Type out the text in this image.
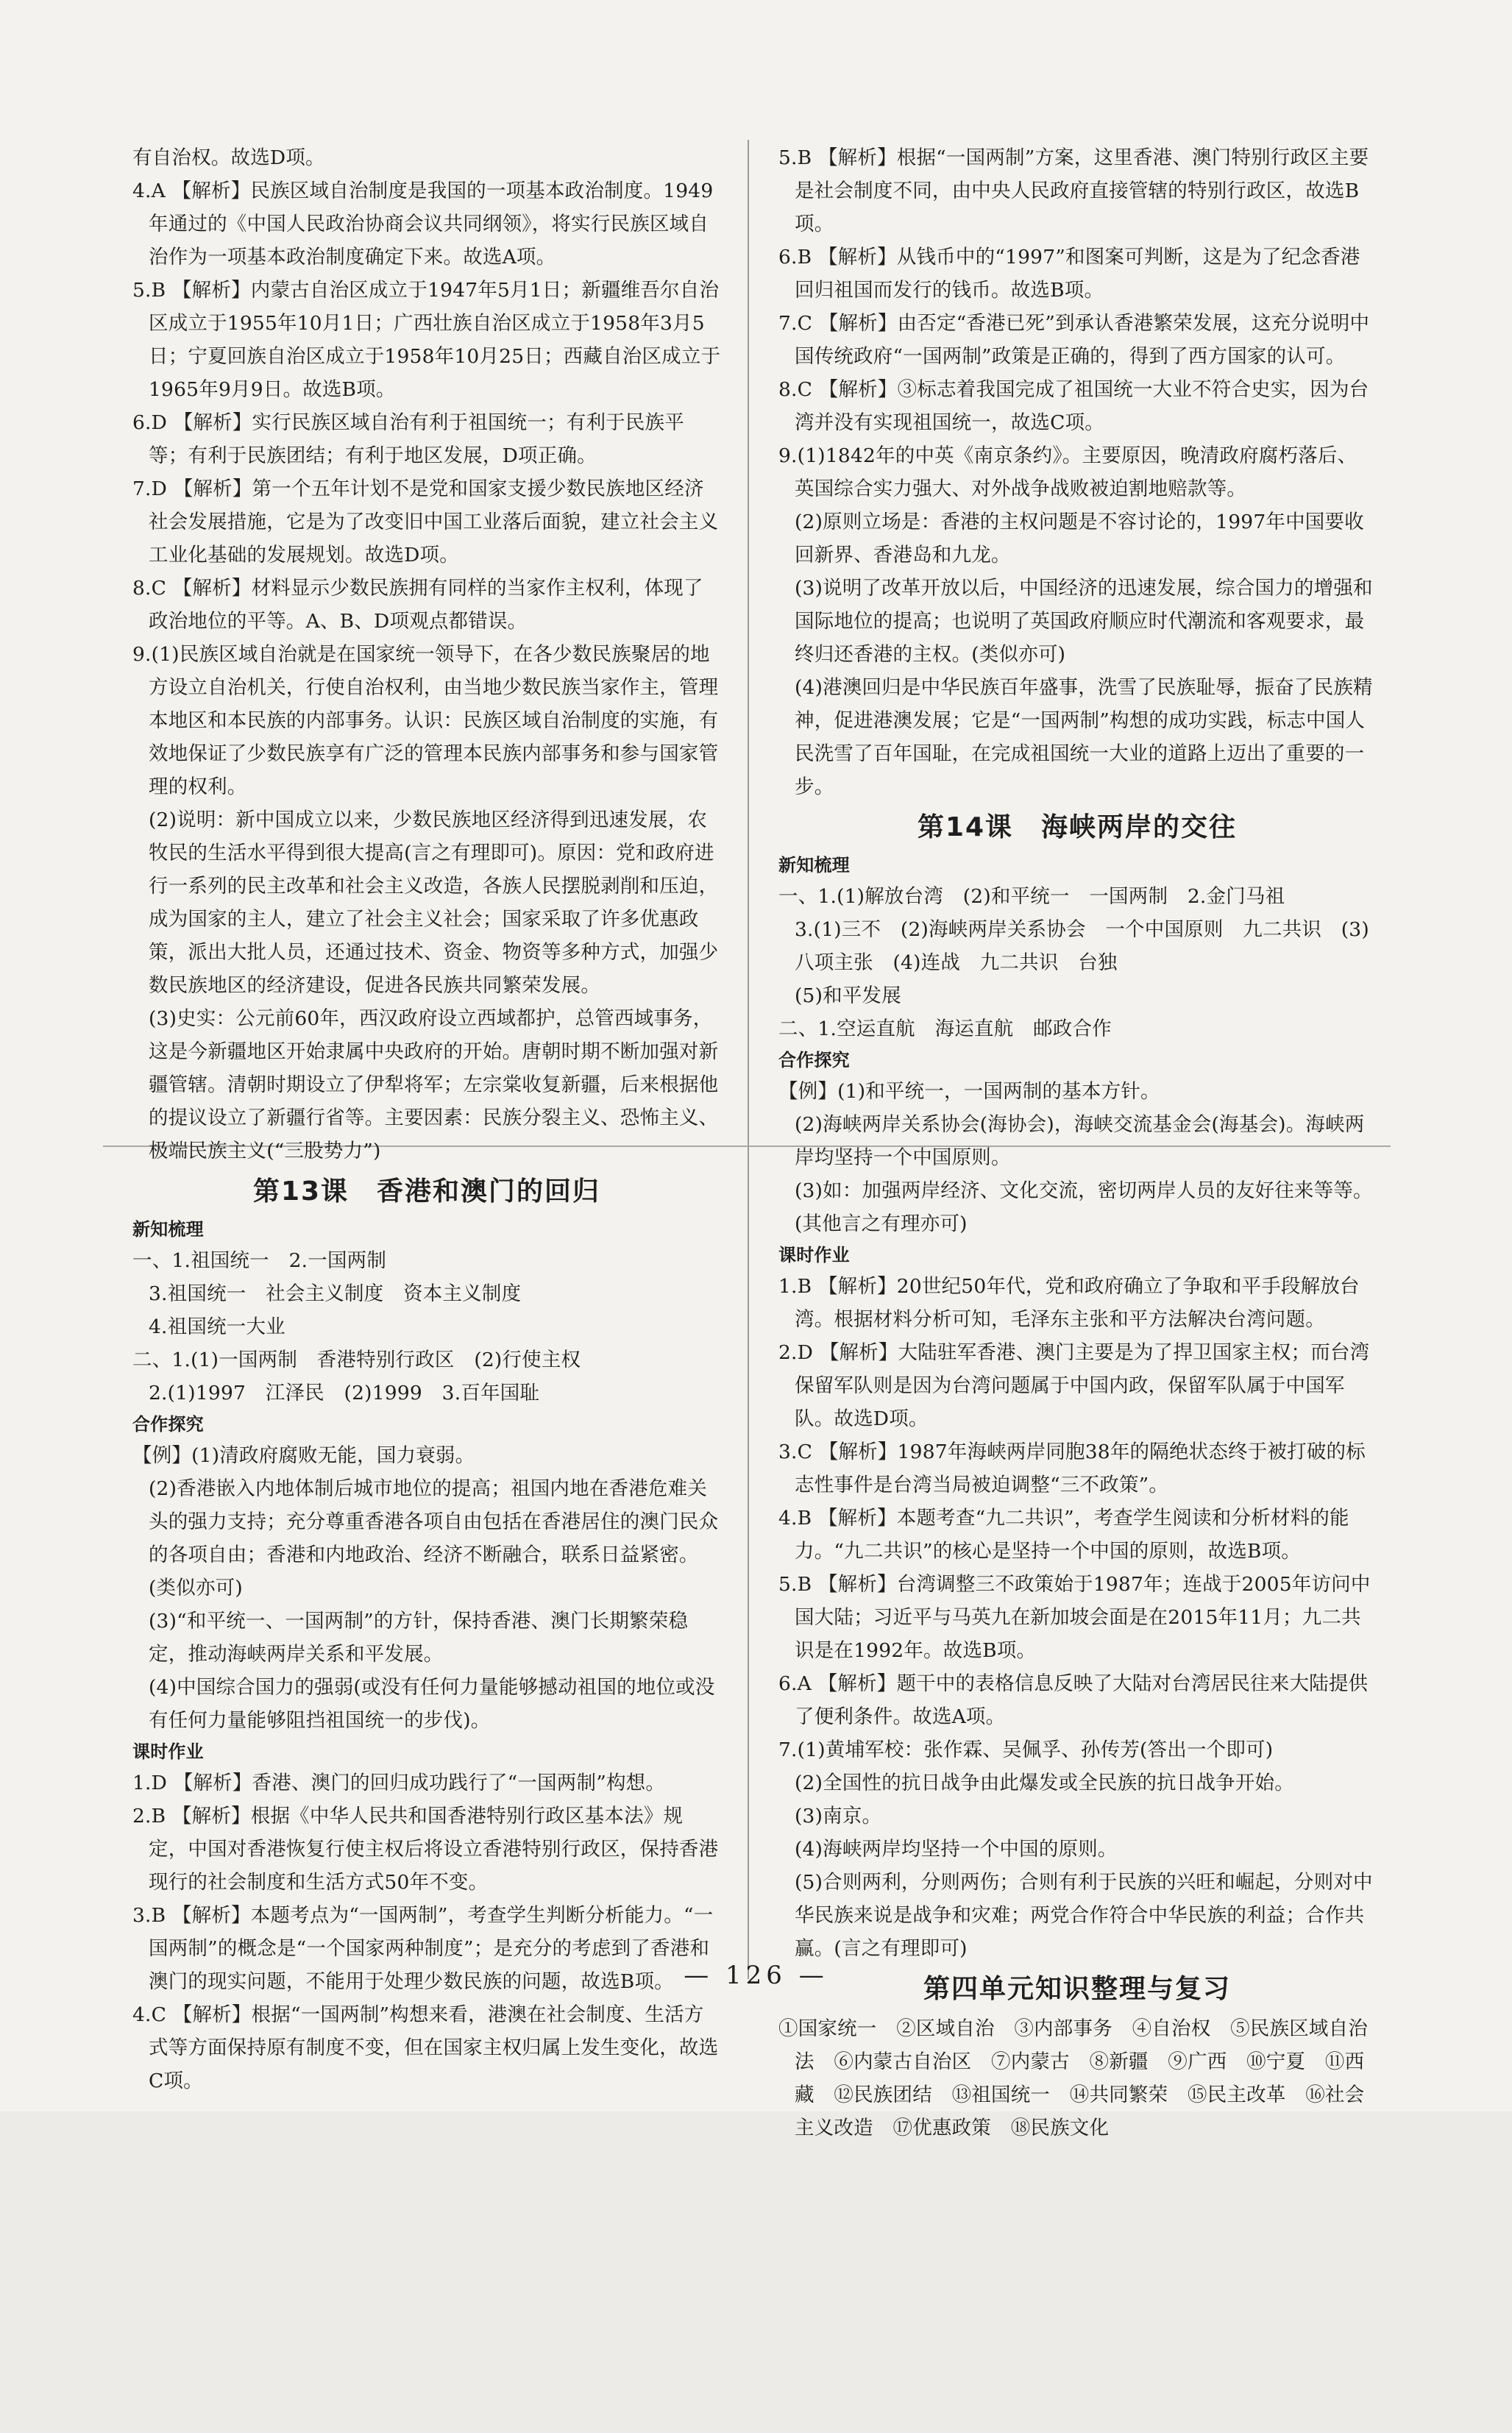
有自治权。故选D项。

4.A 【解析】民族区域自治制度是我国的一项基本政治制度。1949年通过的《中国人民政治协商会议共同纲领》，将实行民族区域自治作为一项基本政治制度确定下来。故选A项。

5.B 【解析】内蒙古自治区成立于1947年5月1日；新疆维吾尔自治区成立于1955年10月1日；广西壮族自治区成立于1958年3月5日；宁夏回族自治区成立于1958年10月25日；西藏自治区成立于1965年9月9日。故选B项。

6.D 【解析】实行民族区域自治有利于祖国统一；有利于民族平等；有利于民族团结；有利于地区发展，D项正确。

7.D 【解析】第一个五年计划不是党和国家支援少数民族地区经济社会发展措施，它是为了改变旧中国工业落后面貌，建立社会主义工业化基础的发展规划。故选D项。

8.C 【解析】材料显示少数民族拥有同样的当家作主权利，体现了政治地位的平等。A、B、D项观点都错误。

9.(1)民族区域自治就是在国家统一领导下，在各少数民族聚居的地方设立自治机关，行使自治权利，由当地少数民族当家作主，管理本地区和本民族的内部事务。认识：民族区域自治制度的实施，有效地保证了少数民族享有广泛的管理本民族内部事务和参与国家管理的权利。

(2)说明：新中国成立以来，少数民族地区经济得到迅速发展，农牧民的生活水平得到很大提高(言之有理即可)。原因：党和政府进行一系列的民主改革和社会主义改造，各族人民摆脱剥削和压迫，成为国家的主人，建立了社会主义社会；国家采取了许多优惠政策，派出大批人员，还通过技术、资金、物资等多种方式，加强少数民族地区的经济建设，促进各民族共同繁荣发展。

(3)史实：公元前60年，西汉政府设立西域都护，总管西域事务，这是今新疆地区开始隶属中央政府的开始。唐朝时期不断加强对新疆管辖。清朝时期设立了伊犁将军；左宗棠收复新疆，后来根据他的提议设立了新疆行省等。主要因素：民族分裂主义、恐怖主义、极端民族主义(“三股势力”)

第13课　香港和澳门的回归
新知梳理

一、1.祖国统一　2.一国两制

3.祖国统一　社会主义制度　资本主义制度

4.祖国统一大业

二、1.(1)一国两制　香港特别行政区　(2)行使主权

2.(1)1997　江泽民　(2)1999　3.百年国耻

合作探究

【例】(1)清政府腐败无能，国力衰弱。

(2)香港嵌入内地体制后城市地位的提高；祖国内地在香港危难关头的强力支持；充分尊重香港各项自由包括在香港居住的澳门民众的各项自由；香港和内地政治、经济不断融合，联系日益紧密。(类似亦可)

(3)“和平统一、一国两制”的方针，保持香港、澳门长期繁荣稳定，推动海峡两岸关系和平发展。

(4)中国综合国力的强弱(或没有任何力量能够撼动祖国的地位或没有任何力量能够阻挡祖国统一的步伐)。

课时作业

1.D 【解析】香港、澳门的回归成功践行了“一国两制”构想。

2.B 【解析】根据《中华人民共和国香港特别行政区基本法》规定，中国对香港恢复行使主权后将设立香港特别行政区，保持香港现行的社会制度和生活方式50年不变。

3.B 【解析】本题考点为“一国两制”，考查学生判断分析能力。“一国两制”的概念是“一个国家两种制度”；是充分的考虑到了香港和澳门的现实问题，不能用于处理少数民族的问题，故选B项。

4.C 【解析】根据“一国两制”构想来看，港澳在社会制度、生活方式等方面保持原有制度不变，但在国家主权归属上发生变化，故选C项。

5.B 【解析】根据“一国两制”方案，这里香港、澳门特别行政区主要是社会制度不同，由中央人民政府直接管辖的特别行政区，故选B项。

6.B 【解析】从钱币中的“1997”和图案可判断，这是为了纪念香港回归祖国而发行的钱币。故选B项。

7.C 【解析】由否定“香港已死”到承认香港繁荣发展，这充分说明中国传统政府“一国两制”政策是正确的，得到了西方国家的认可。

8.C 【解析】③标志着我国完成了祖国统一大业不符合史实，因为台湾并没有实现祖国统一，故选C项。

9.(1)1842年的中英《南京条约》。主要原因，晚清政府腐朽落后、英国综合实力强大、对外战争战败被迫割地赔款等。

(2)原则立场是：香港的主权问题是不容讨论的，1997年中国要收回新界、香港岛和九龙。

(3)说明了改革开放以后，中国经济的迅速发展，综合国力的增强和国际地位的提高；也说明了英国政府顺应时代潮流和客观要求，最终归还香港的主权。(类似亦可)

(4)港澳回归是中华民族百年盛事，洗雪了民族耻辱，振奋了民族精神，促进港澳发展；它是“一国两制”构想的成功实践，标志中国人民洗雪了百年国耻，在完成祖国统一大业的道路上迈出了重要的一步。

第14课　海峡两岸的交往
新知梳理

一、1.(1)解放台湾　(2)和平统一　一国两制　2.金门马祖

3.(1)三不　(2)海峡两岸关系协会　一个中国原则　九二共识　(3)八项主张　(4)连战　九二共识　台独

(5)和平发展

二、1.空运直航　海运直航　邮政合作

合作探究

【例】(1)和平统一，一国两制的基本方针。

(2)海峡两岸关系协会(海协会)，海峡交流基金会(海基会)。海峡两岸均坚持一个中国原则。

(3)如：加强两岸经济、文化交流，密切两岸人员的友好往来等等。(其他言之有理亦可)

课时作业

1.B 【解析】20世纪50年代，党和政府确立了争取和平手段解放台湾。根据材料分析可知，毛泽东主张和平方法解决台湾问题。

2.D 【解析】大陆驻军香港、澳门主要是为了捍卫国家主权；而台湾保留军队则是因为台湾问题属于中国内政，保留军队属于中国军队。故选D项。

3.C 【解析】1987年海峡两岸同胞38年的隔绝状态终于被打破的标志性事件是台湾当局被迫调整“三不政策”。

4.B 【解析】本题考查“九二共识”，考查学生阅读和分析材料的能力。“九二共识”的核心是坚持一个中国的原则，故选B项。

5.B 【解析】台湾调整三不政策始于1987年；连战于2005年访问中国大陆；习近平与马英九在新加坡会面是在2015年11月；九二共识是在1992年。故选B项。

6.A 【解析】题干中的表格信息反映了大陆对台湾居民往来大陆提供了便利条件。故选A项。

7.(1)黄埔军校：张作霖、吴佩孚、孙传芳(答出一个即可)

(2)全国性的抗日战争由此爆发或全民族的抗日战争开始。

(3)南京。

(4)海峡两岸均坚持一个中国的原则。

(5)合则两利，分则两伤；合则有利于民族的兴旺和崛起，分则对中华民族来说是战争和灾难；两党合作符合中华民族的利益；合作共赢。(言之有理即可)

第四单元知识整理与复习

①国家统一　②区域自治　③内部事务　④自治权　⑤民族区域自治法　⑥内蒙古自治区　⑦内蒙古　⑧新疆　⑨广西　⑩宁夏　⑪西藏　⑫民族团结　⑬祖国统一　⑭共同繁荣　⑮民主改革　⑯社会主义改造　⑰优惠政策　⑱民族文化

— 126 —
